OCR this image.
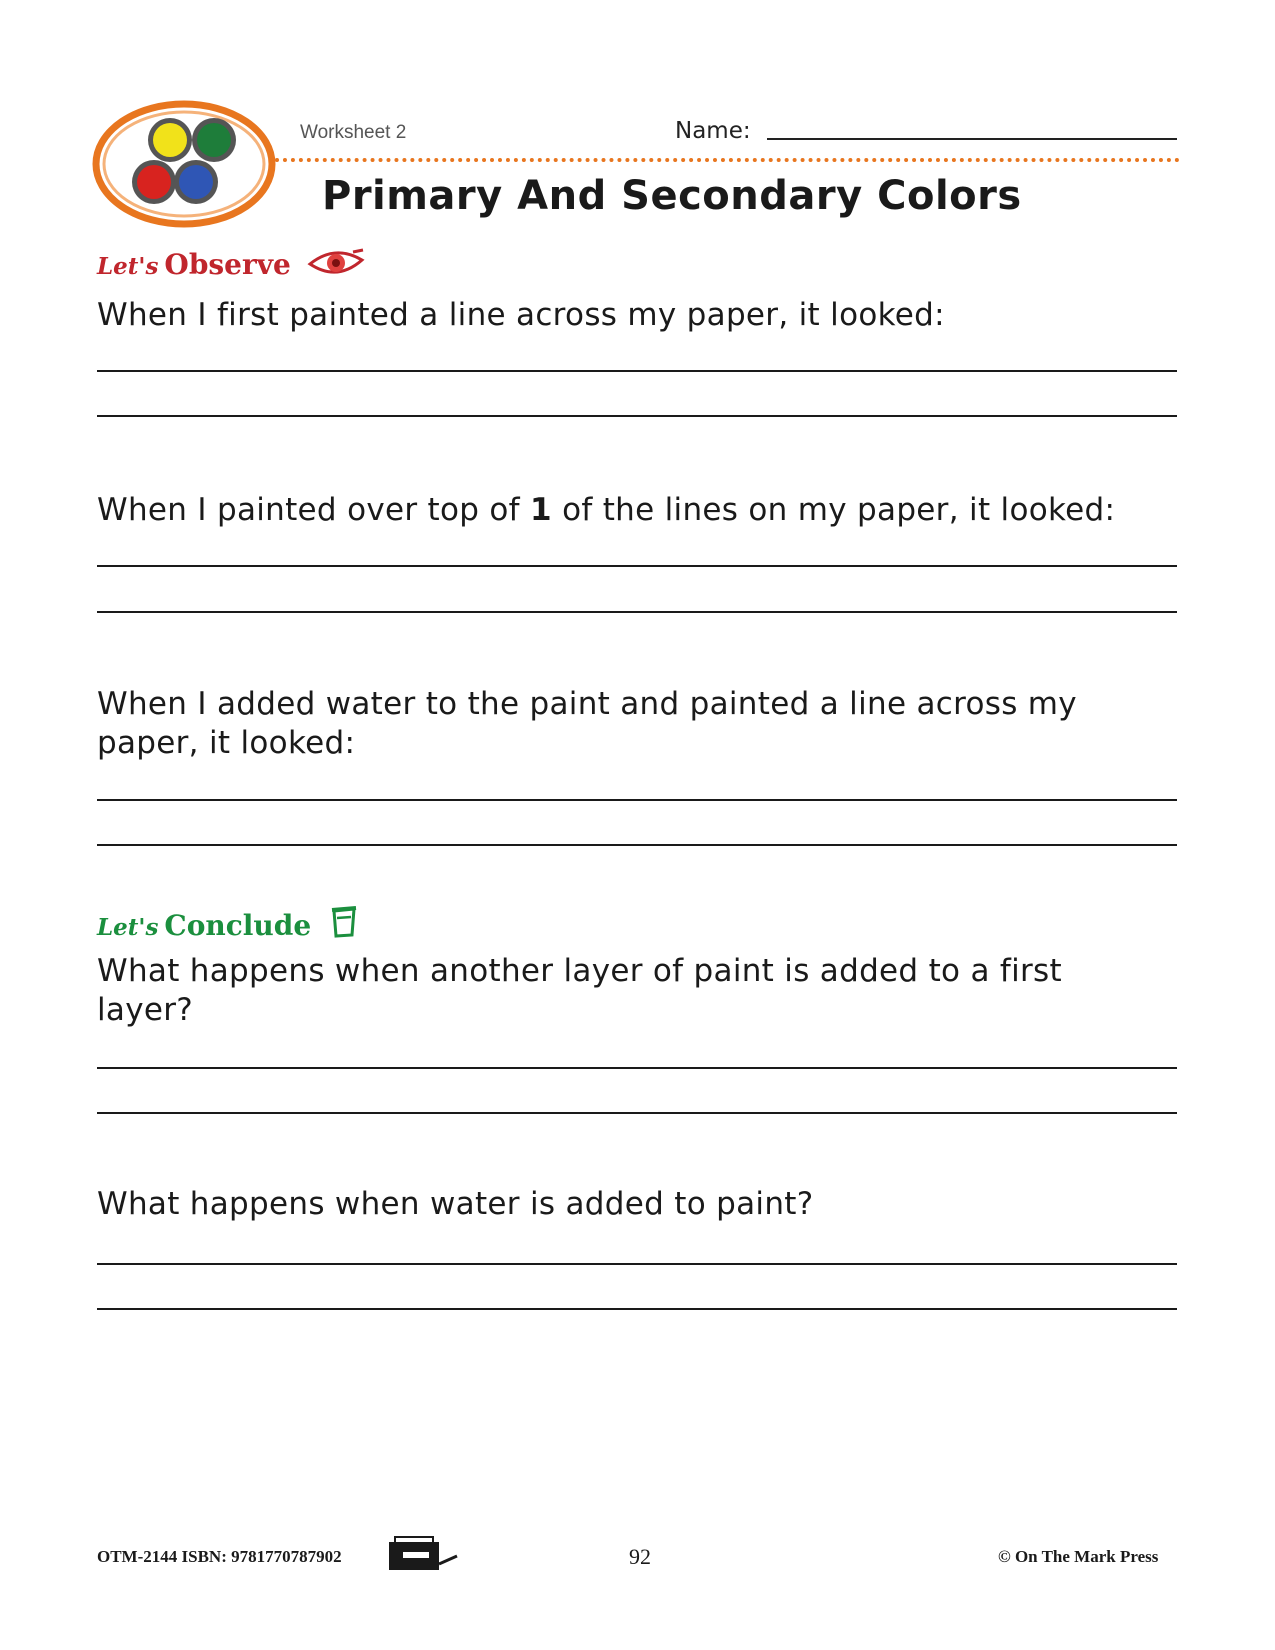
Worksheet 2	Name:
Primary And Secondary Colors
Let's Observe
When I first painted a line across my paper, it looked:
When I painted over top of 1 of the lines on my paper, it looked:
When I added water to the paint and painted a line across my paper, it looked:
Let's Conclude
What happens when another layer of paint is added to a first layer?
What happens when water is added to paint?
OTM-2144 ISBN: 9781770787902	92	© On The Mark Press
